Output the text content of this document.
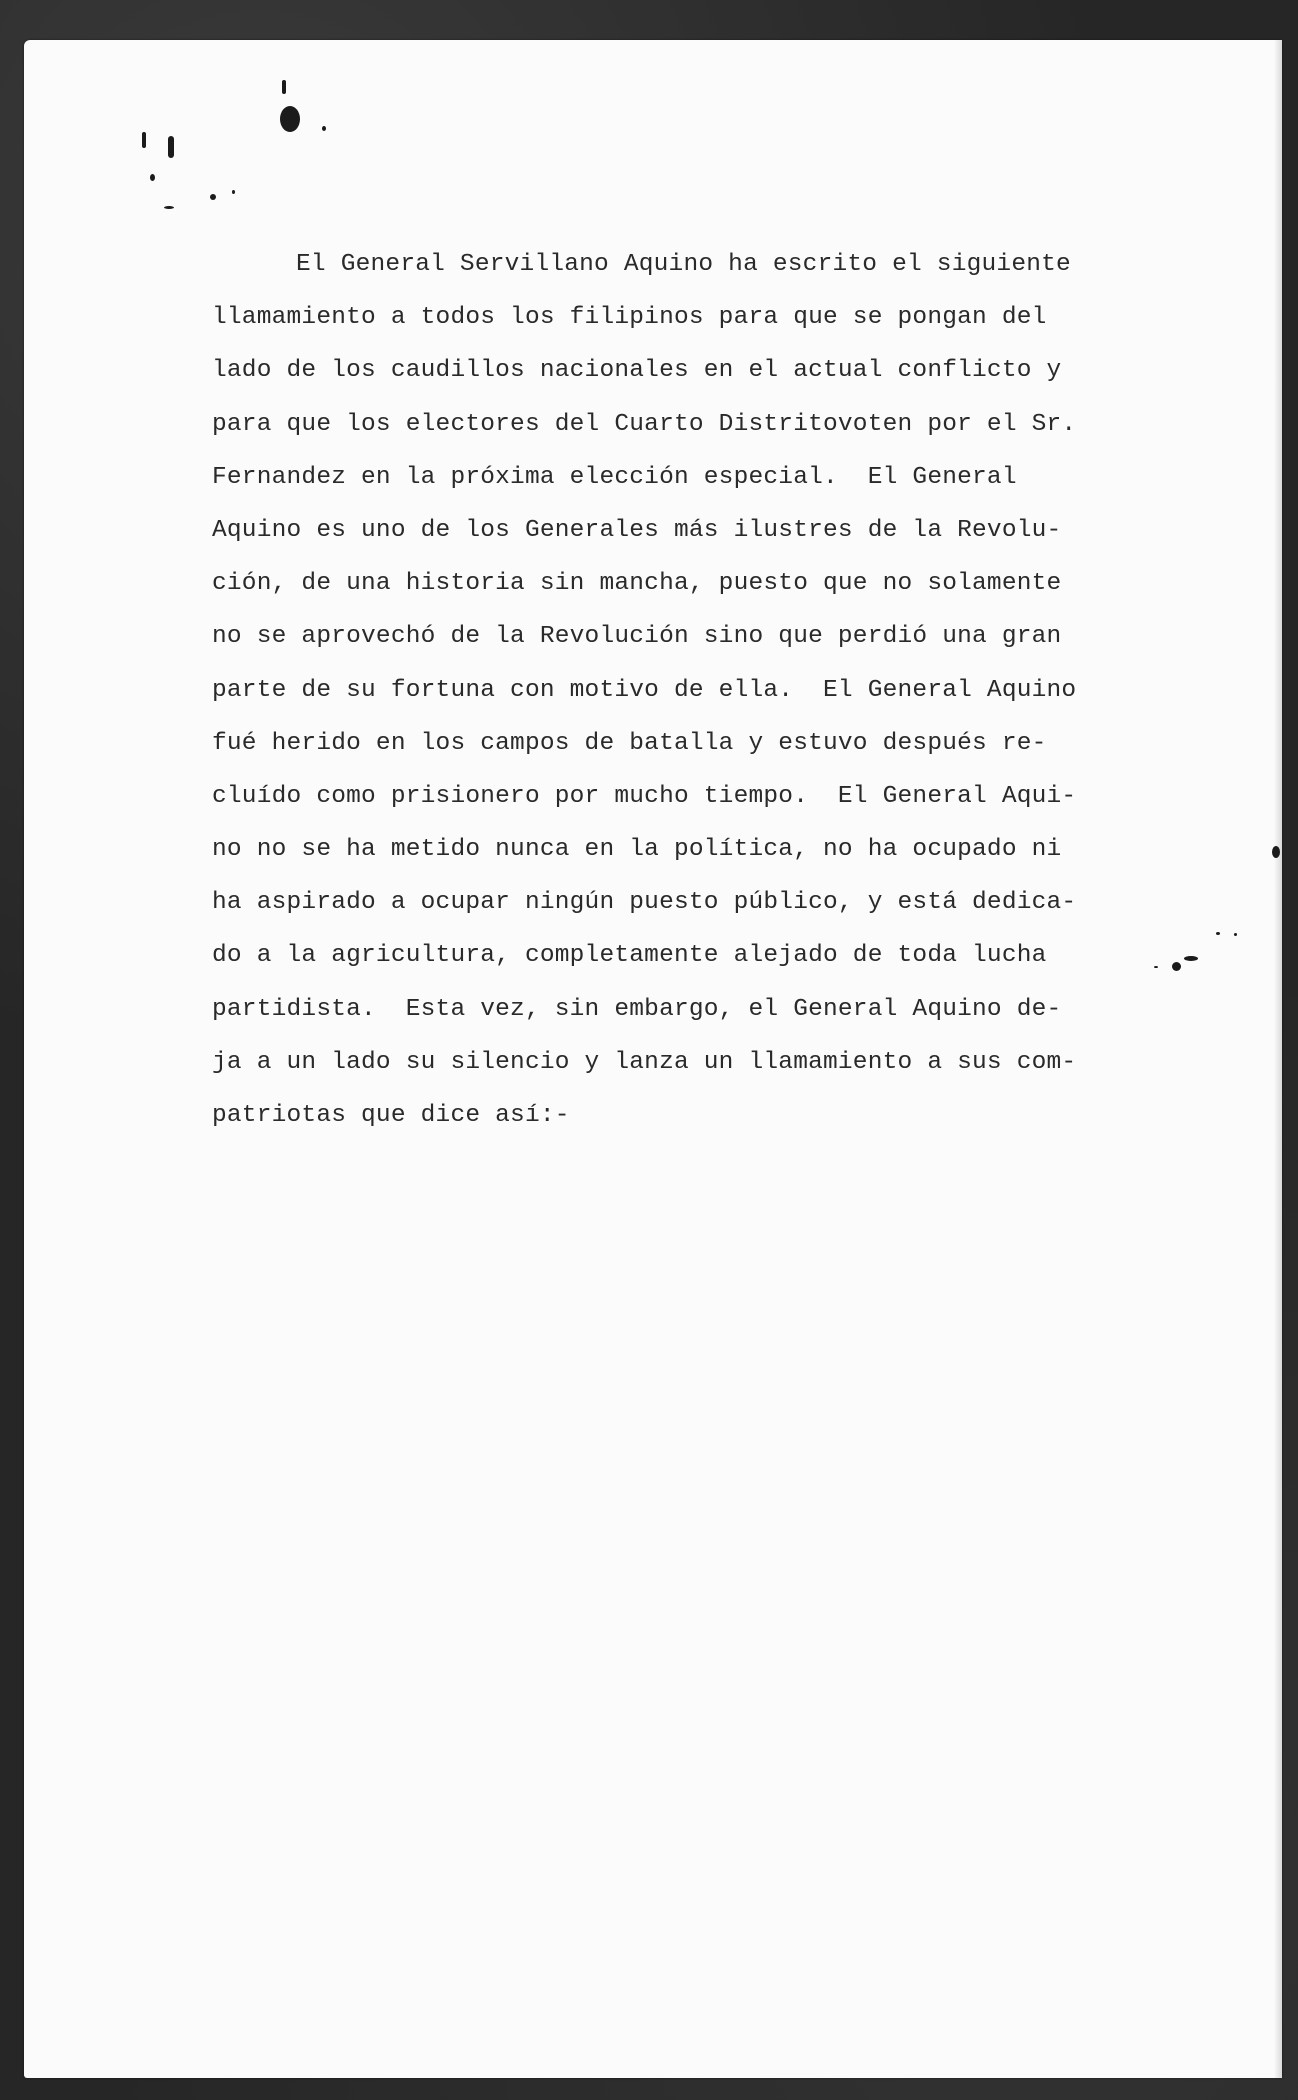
El General Servillano Aquino ha escrito el siguiente
llamamiento a todos los filipinos para que se pongan del
lado de los caudillos nacionales en el actual conflicto y
para que los electores del Cuarto Distritovoten por el Sr.
Fernandez en la próxima elección especial.  El General
Aquino es uno de los Generales más ilustres de la Revolu-
ción, de una historia sin mancha, puesto que no solamente
no se aprovechó de la Revolución sino que perdió una gran
parte de su fortuna con motivo de ella.  El General Aquino
fué herido en los campos de batalla y estuvo después re-
cluído como prisionero por mucho tiempo.  El General Aqui-
no no se ha metido nunca en la política, no ha ocupado ni
ha aspirado a ocupar ningún puesto público, y está dedica-
do a la agricultura, completamente alejado de toda lucha
partidista.  Esta vez, sin embargo, el General Aquino de-
ja a un lado su silencio y lanza un llamamiento a sus com-
patriotas que dice así:-
